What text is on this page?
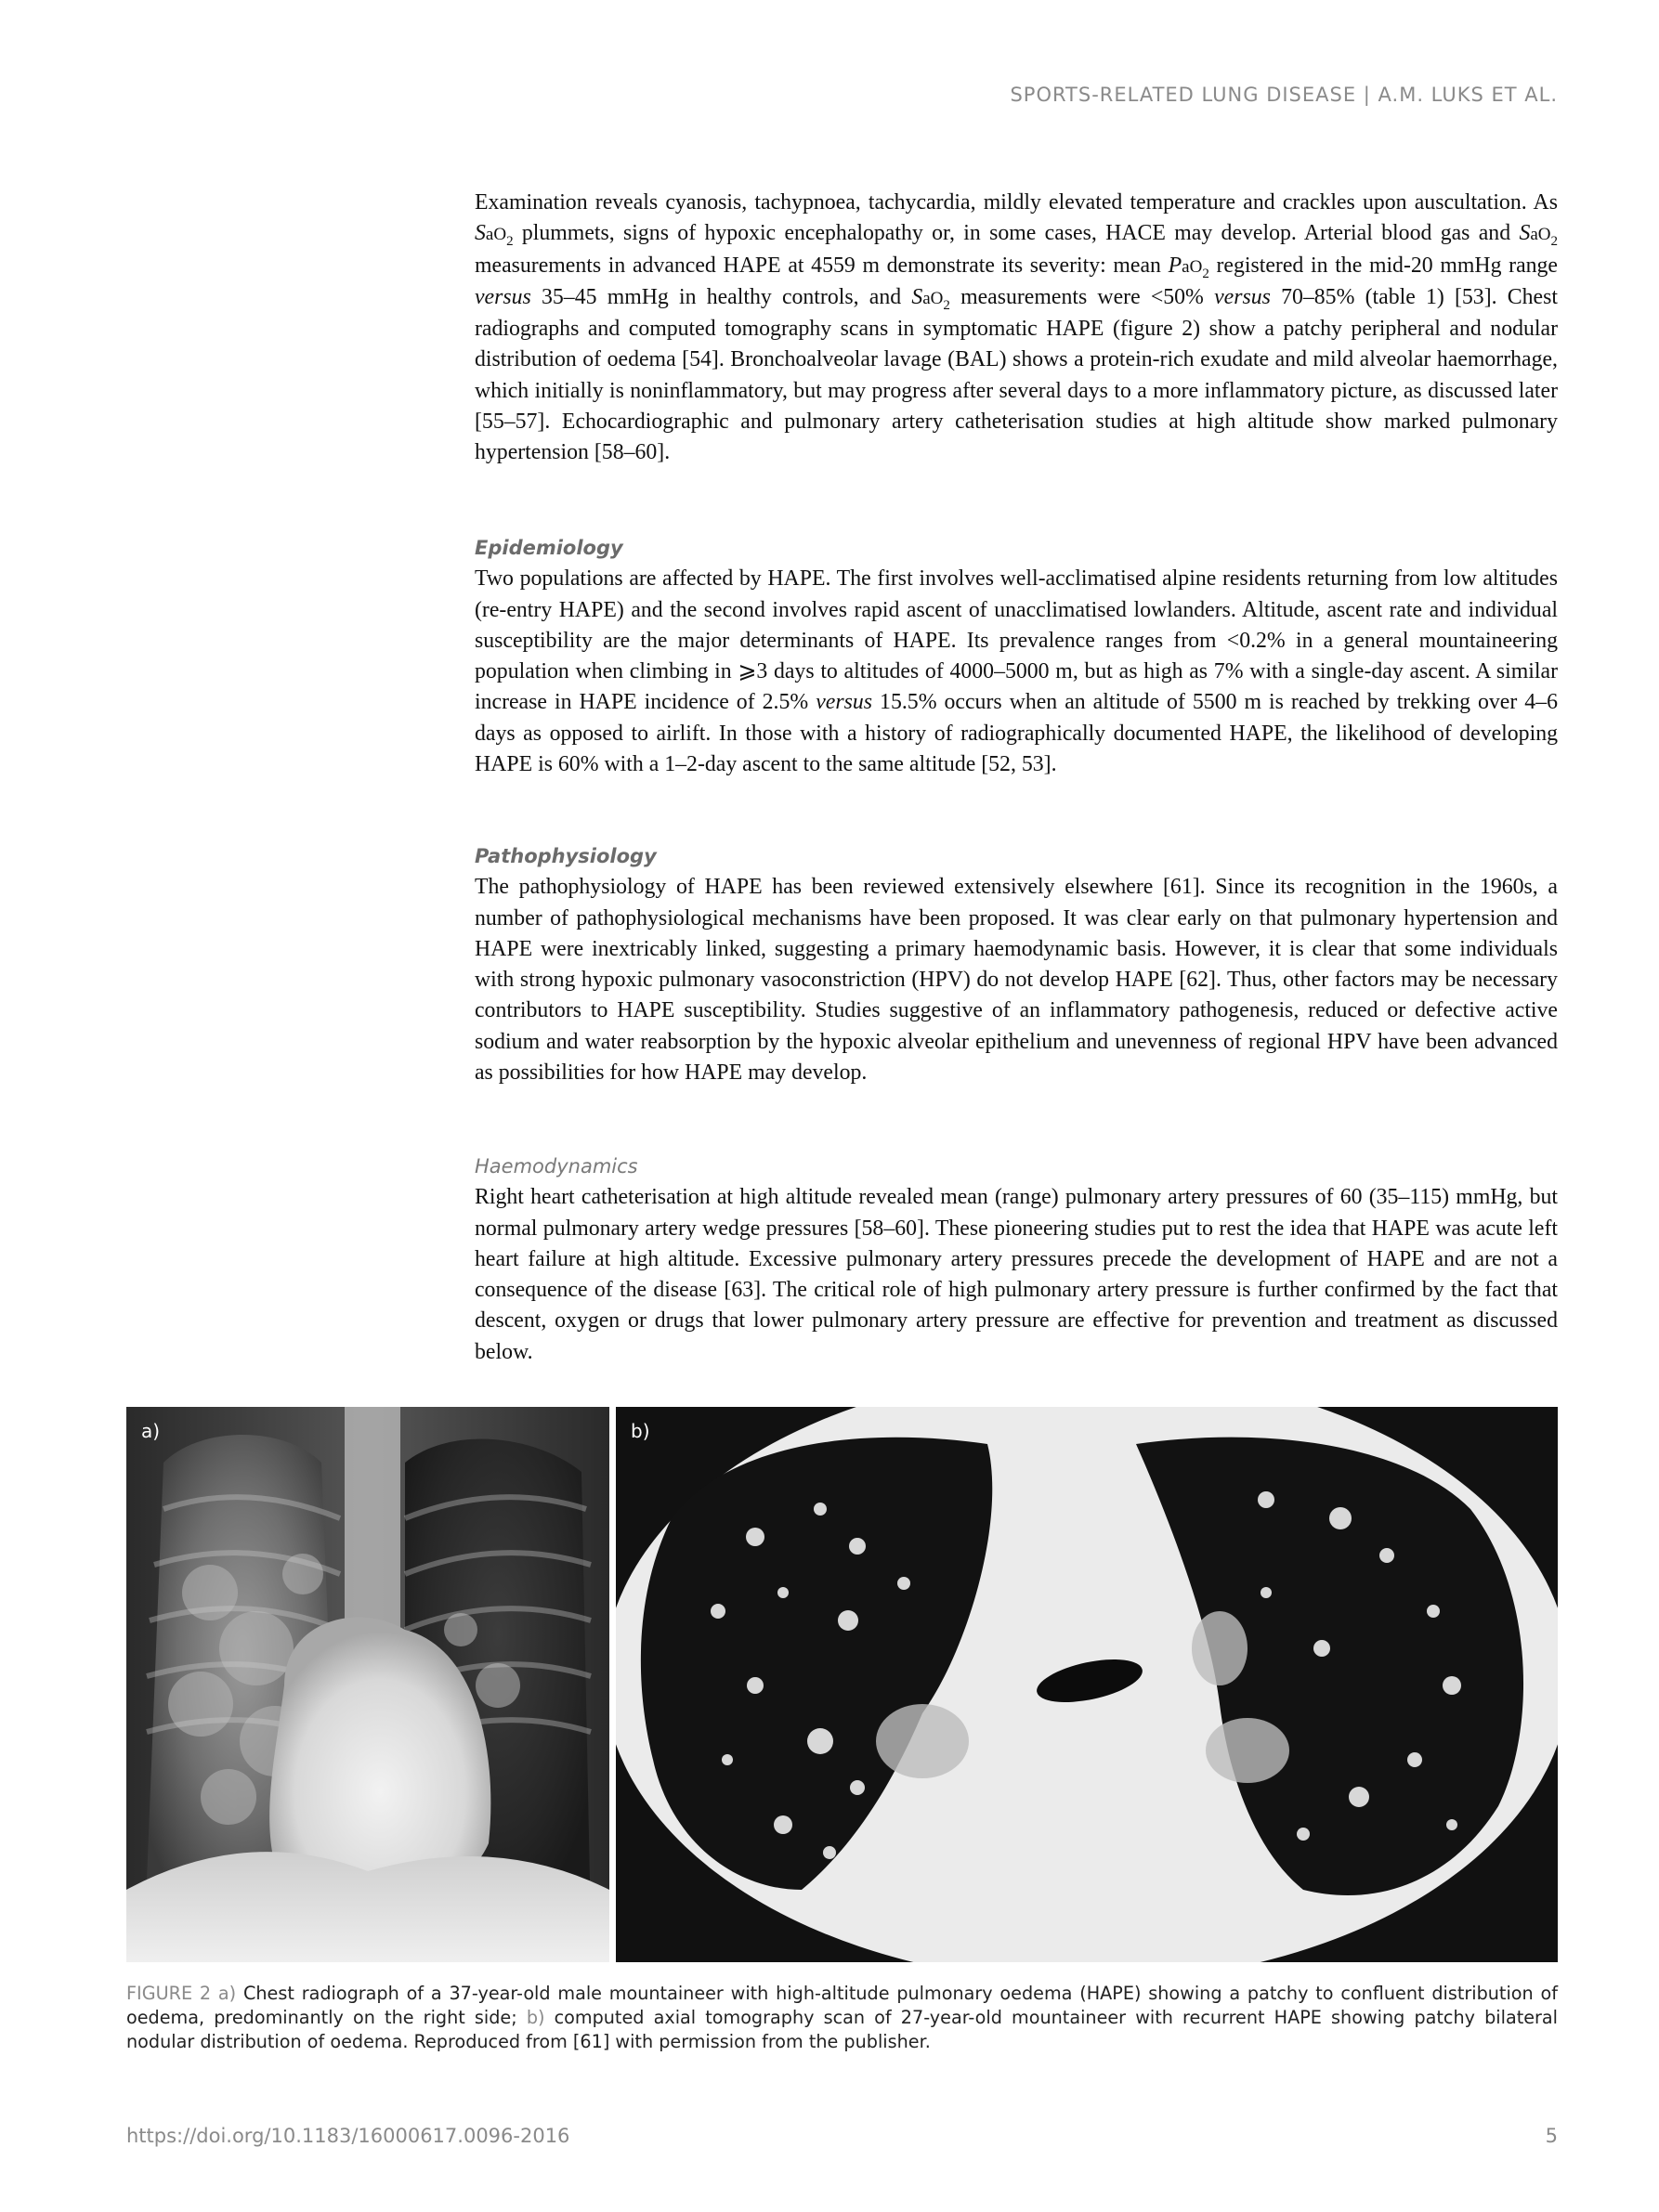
SPORTS-RELATED LUNG DISEASE | A.M. LUKS ET AL.

Examination reveals cyanosis, tachypnoea, tachycardia, mildly elevated temperature and crackles upon auscultation. As SaO$_2$ plummets, signs of hypoxic encephalopathy or, in some cases, HACE may develop. Arterial blood gas and SaO$_2$ measurements in advanced HAPE at 4559 m demonstrate its severity: mean PaO$_2$ registered in the mid-20 mmHg range versus 35–45 mmHg in healthy controls, and SaO$_2$ measurements were <50% versus 70–85% (table 1) [53]. Chest radiographs and computed tomography scans in symptomatic HAPE (figure 2) show a patchy peripheral and nodular distribution of oedema [54]. Bronchoalveolar lavage (BAL) shows a protein-rich exudate and mild alveolar haemorrhage, which initially is noninflammatory, but may progress after several days to a more inflammatory picture, as discussed later [55–57]. Echocardiographic and pulmonary artery catheterisation studies at high altitude show marked pulmonary hypertension [58–60].

Epidemiology

Two populations are affected by HAPE. The first involves well-acclimatised alpine residents returning from low altitudes (re-entry HAPE) and the second involves rapid ascent of unacclimatised lowlanders. Altitude, ascent rate and individual susceptibility are the major determinants of HAPE. Its prevalence ranges from <0.2% in a general mountaineering population when climbing in ⩾3 days to altitudes of 4000–5000 m, but as high as 7% with a single-day ascent. A similar increase in HAPE incidence of 2.5% versus 15.5% occurs when an altitude of 5500 m is reached by trekking over 4–6 days as opposed to airlift. In those with a history of radiographically documented HAPE, the likelihood of developing HAPE is 60% with a 1–2-day ascent to the same altitude [52, 53].

Pathophysiology

The pathophysiology of HAPE has been reviewed extensively elsewhere [61]. Since its recognition in the 1960s, a number of pathophysiological mechanisms have been proposed. It was clear early on that pulmonary hypertension and HAPE were inextricably linked, suggesting a primary haemodynamic basis. However, it is clear that some individuals with strong hypoxic pulmonary vasoconstriction (HPV) do not develop HAPE [62]. Thus, other factors may be necessary contributors to HAPE susceptibility. Studies suggestive of an inflammatory pathogenesis, reduced or defective active sodium and water reabsorption by the hypoxic alveolar epithelium and unevenness of regional HPV have been advanced as possibilities for how HAPE may develop.

Haemodynamics

Right heart catheterisation at high altitude revealed mean (range) pulmonary artery pressures of 60 (35–115) mmHg, but normal pulmonary artery wedge pressures [58–60]. These pioneering studies put to rest the idea that HAPE was acute left heart failure at high altitude. Excessive pulmonary artery pressures precede the development of HAPE and are not a consequence of the disease [63]. The critical role of high pulmonary artery pressure is further confirmed by the fact that descent, oxygen or drugs that lower pulmonary artery pressure are effective for prevention and treatment as discussed below.

a)	b)
FIGURE 2 a) Chest radiograph of a 37-year-old male mountaineer with high-altitude pulmonary oedema (HAPE) showing a patchy to confluent distribution of oedema, predominantly on the right side; b) computed axial tomography scan of 27-year-old mountaineer with recurrent HAPE showing patchy bilateral nodular distribution of oedema. Reproduced from [61] with permission from the publisher.
https://doi.org/10.1183/16000617.0096-2016	5
